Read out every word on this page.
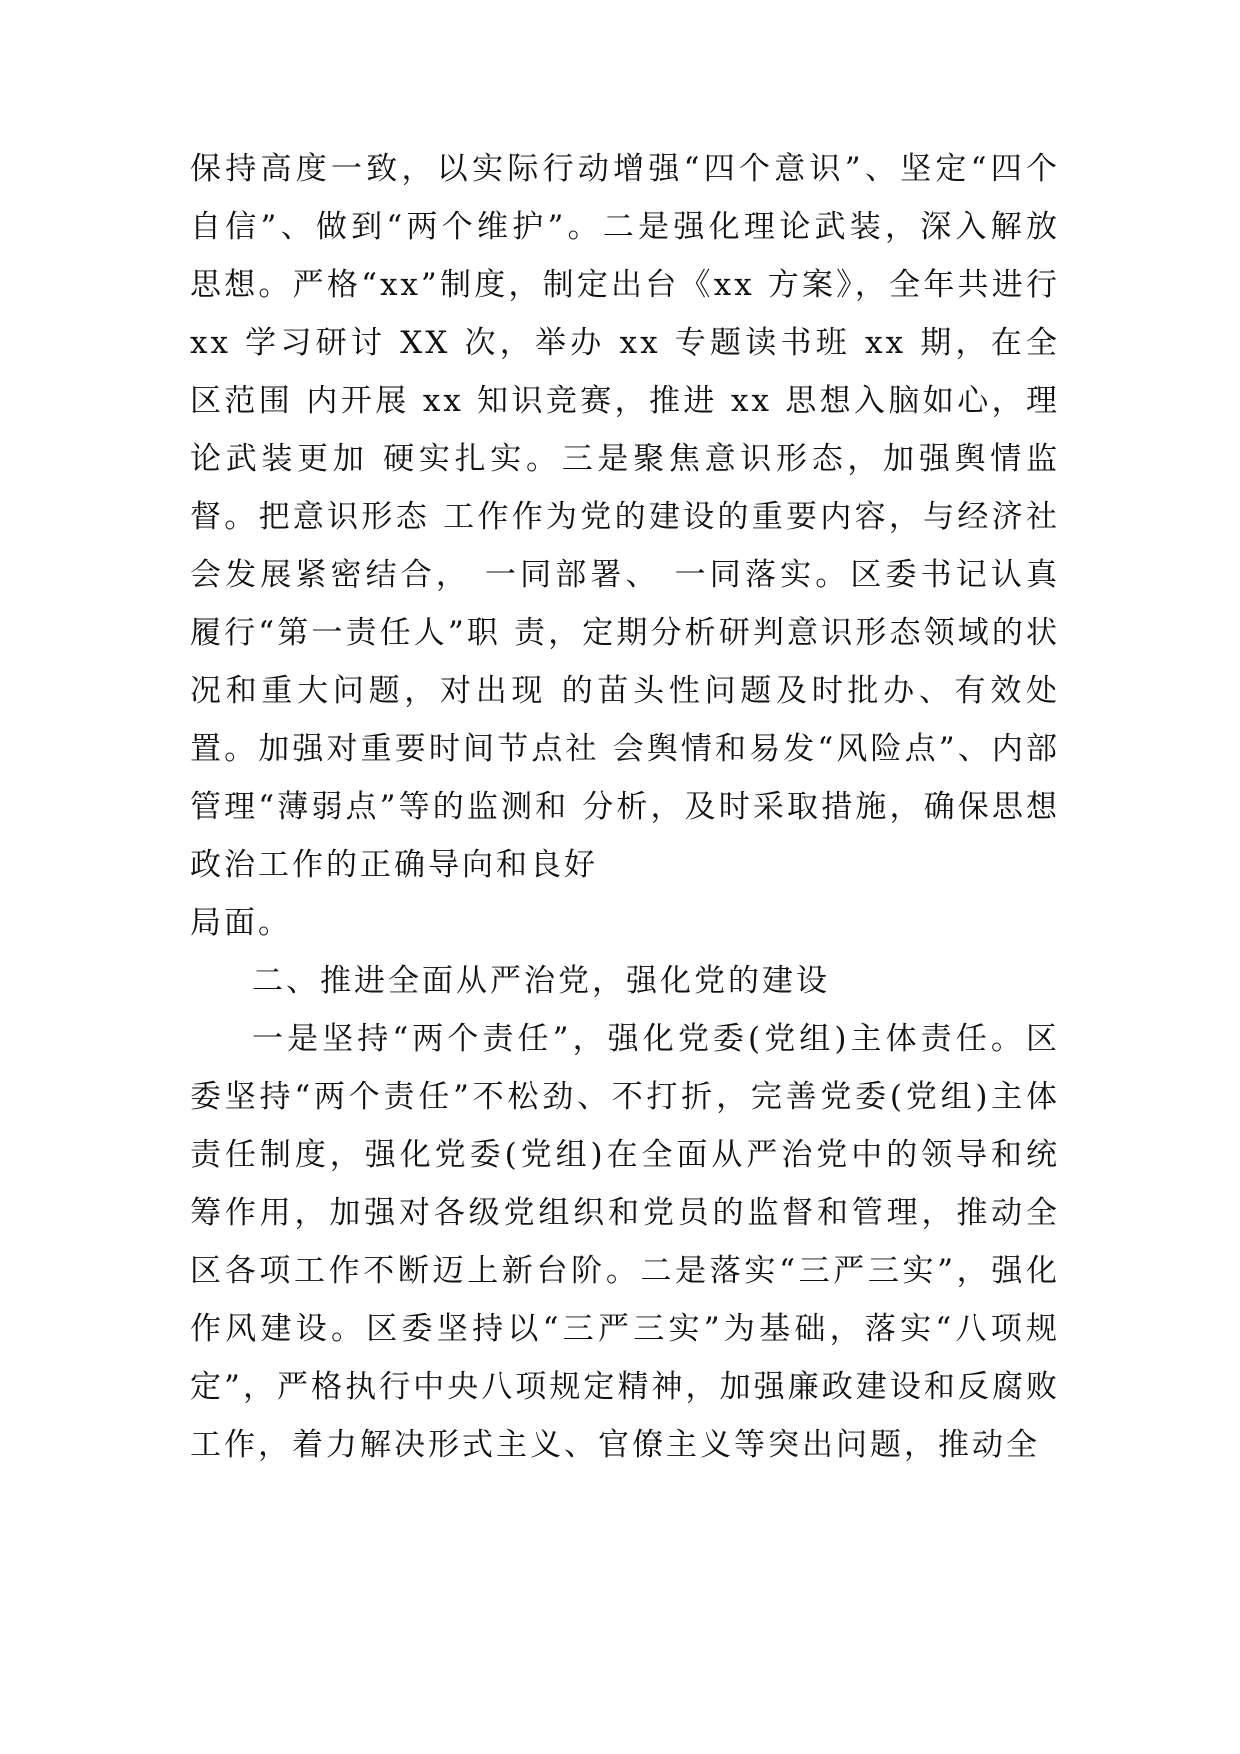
保持高度一致，以实际行动增强“四个意识”、坚定“四个自信”、做到“两个维护”。二是强化理论武装，深入解放思想。严格“xx”制度，制定出台《xx 方案》，全年共进行 xx 学习研讨 XX 次，举办 xx 专题读书班 xx 期，在全区范围 内开展 xx 知识竞赛，推进 xx 思想入脑如心，理论武装更加 硬实扎实。三是聚焦意识形态，加强舆情监督。把意识形态 工作作为党的建设的重要内容，与经济社会发展紧密结合， 一同部署、 一同落实。区委书记认真履行“第一责任人”职 责，定期分析研判意识形态领域的状况和重大问题，对出现 的苗头性问题及时批办、有效处置。加强对重要时间节点社 会舆情和易发“风险点”、内部管理“薄弱点”等的监测和 分析，及时采取措施，确保思想政治工作的正确导向和良好

局面。

二、推进全面从严治党，强化党的建设

一是坚持“两个责任”，强化党委(党组)主体责任。区委坚持“两个责任”不松劲、不打折，完善党委(党组)主体责任制度，强化党委(党组)在全面从严治党中的领导和统筹作用，加强对各级党组织和党员的监督和管理，推动全区各项工作不断迈上新台阶。二是落实“三严三实”，强化作风建设。区委坚持以“三严三实”为基础，落实“八项规定”，严格执行中央八项规定精神，加强廉政建设和反腐败工作，着力解决形式主义、官僚主义等突出问题，推动全
